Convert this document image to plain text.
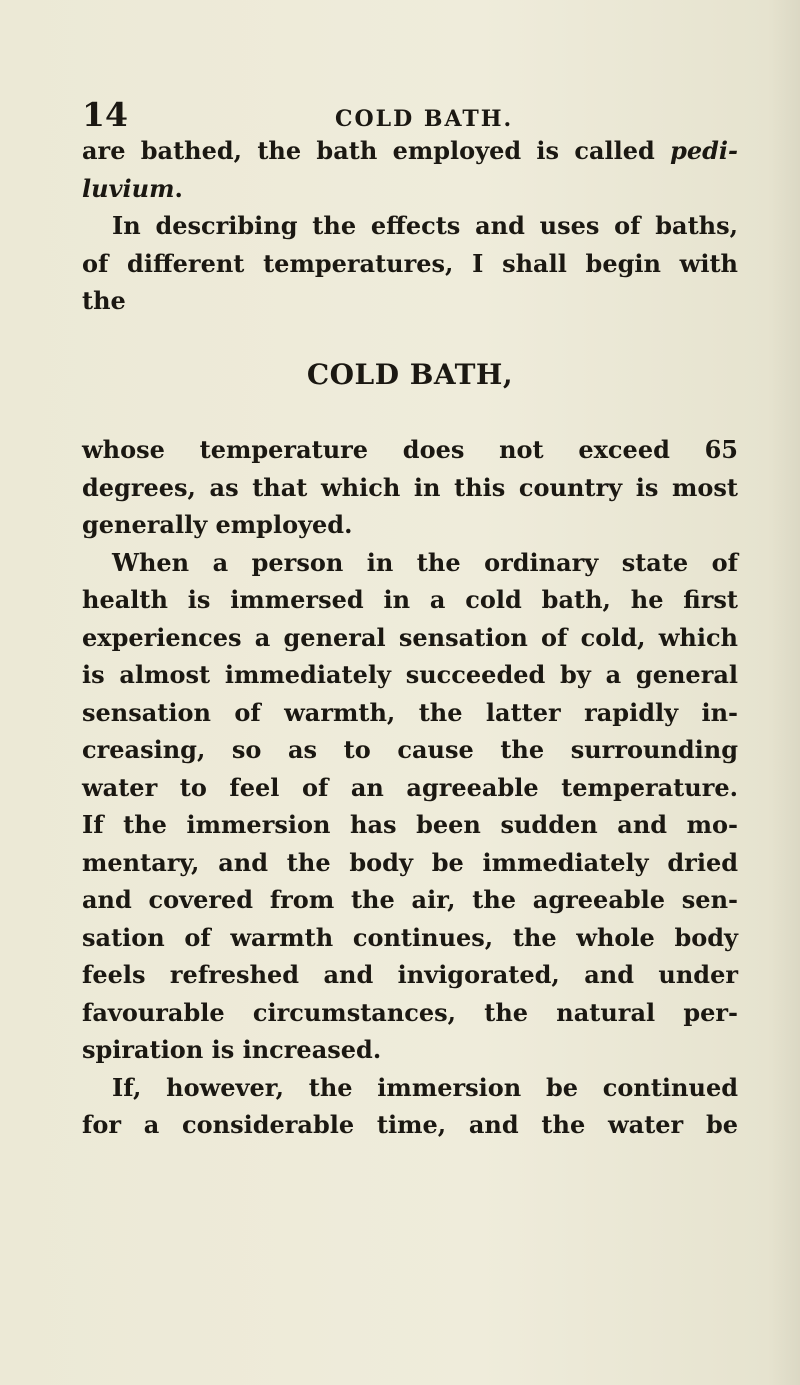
14	COLD BATH.
are bathed, the bath employed is called pedi-
luvium.
In describing the effects and uses of baths,
of different temperatures, I shall begin with
the
COLD BATH,
whose temperature does not exceed 65
degrees, as that which in this country is most
generally employed.
When a person in the ordinary state of
health is immersed in a cold bath, he first
experiences a general sensation of cold, which
is almost immediately succeeded by a general
sensation of warmth, the latter rapidly in-
creasing, so as to cause the surrounding
water to feel of an agreeable temperature.
If the immersion has been sudden and mo-
mentary, and the body be immediately dried
and covered from the air, the agreeable sen-
sation of warmth continues, the whole body
feels refreshed and invigorated, and under
favourable circumstances, the natural per-
spiration is increased.
If, however, the immersion be continued
for a considerable time, and the water be
